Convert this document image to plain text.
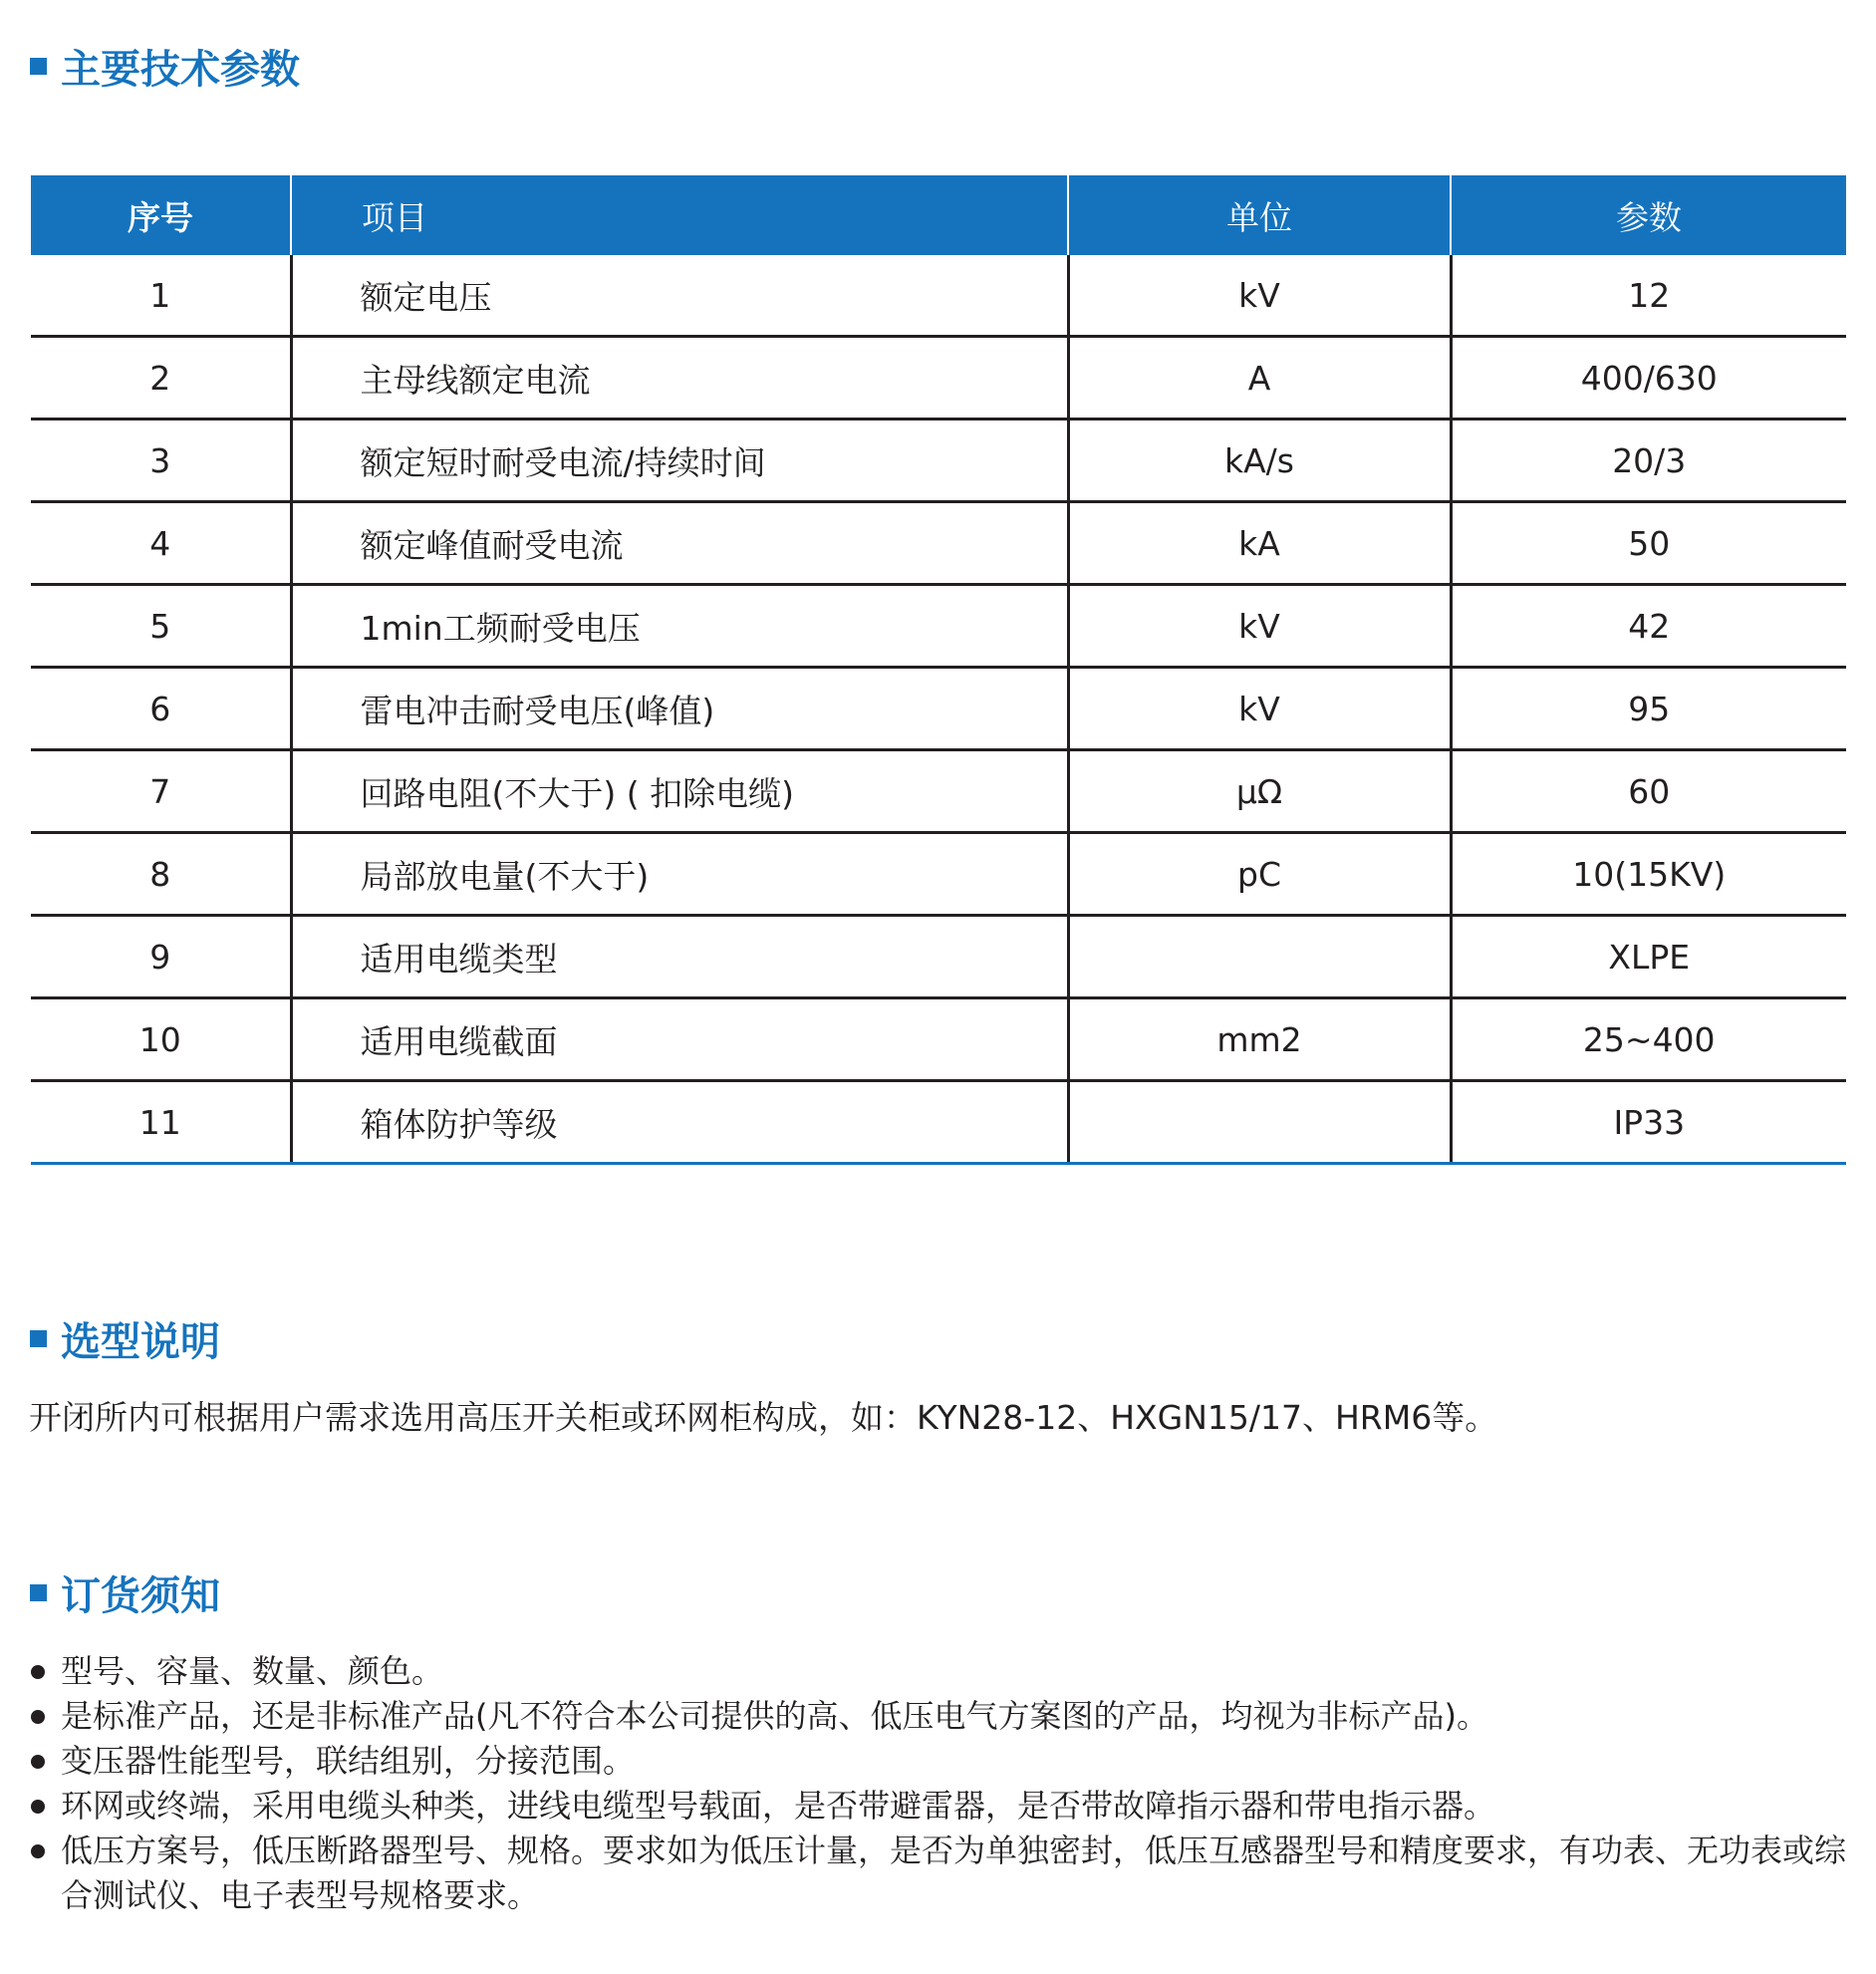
主要技术参数
序号	项目	单位	参数
1	额定电压	kV	12
2	主母线额定电流	A	400/630
3	额定短时耐受电流/持续时间	kA/s	20/3
4	额定峰值耐受电流	kA	50
5	1min工频耐受电压	kV	42
6	雷电冲击耐受电压(峰值)	kV	95
7	回路电阻(不大于) ( 扣除电缆)	μΩ	60
8	局部放电量(不大于)	pC	10(15KV)
9	适用电缆类型		XLPE
10	适用电缆截面	mm2	25~400
11	箱体防护等级		IP33
选型说明
开闭所内可根据用户需求选用高压开关柜或环网柜构成，如：KYN28-12、HXGN15/17、HRM6等。
订货须知
型号、容量、数量、颜色。
是标准产品，还是非标准产品(凡不符合本公司提供的高、低压电气方案图的产品，均视为非标产品)。
变压器性能型号，联结组别，分接范围。
环网或终端，采用电缆头种类，进线电缆型号载面，是否带避雷器，是否带故障指示器和带电指示器。
低压方案号，低压断路器型号、规格。要求如为低压计量，是否为单独密封，低压互感器型号和精度要求，有功表、无功表或综合测试仪、电子表型号规格要求。
